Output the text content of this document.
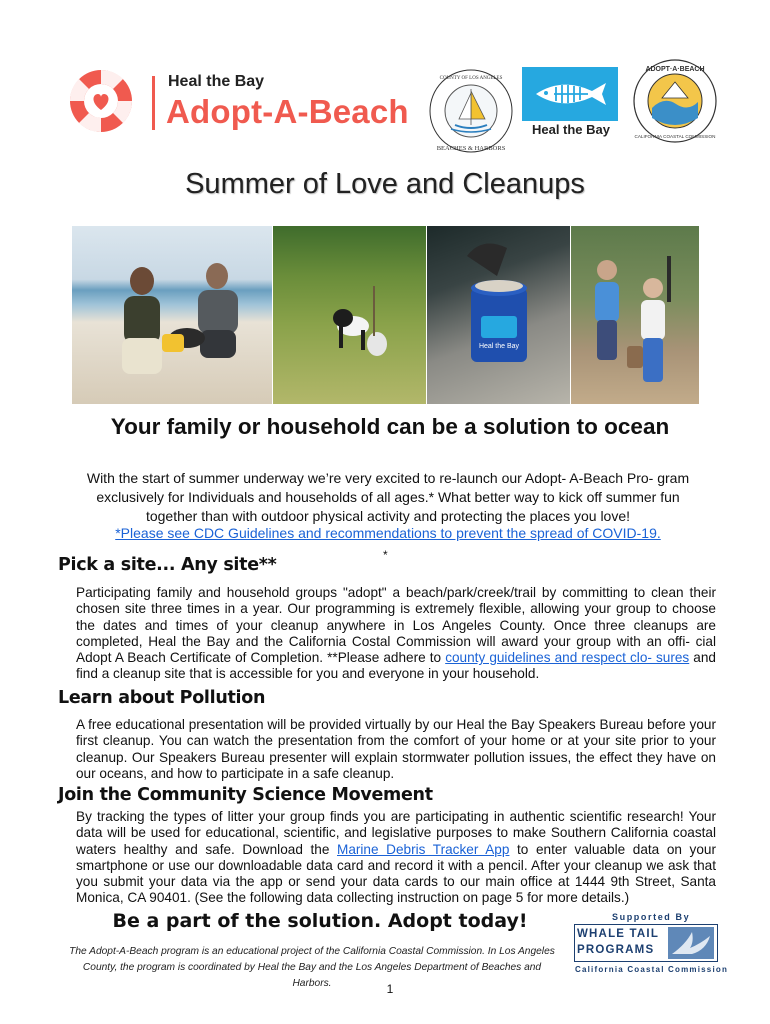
Heal the Bay
Adopt-A-Beach
BEACHES & HARBORS
COUNTY OF LOS ANGELES
Heal the Bay
ADOPT·A·BEACH
CALIFORNIA COASTAL COMMISSION
Summer of Love and Cleanups
Heal the Bay
Your family or household can be a solution to ocean
With the start of summer underway we’re very excited to re-launch our Adopt- A-Beach Pro- gram exclusively for Individuals and households of all ages.* What better way to kick off summer fun together than with outdoor physical activity and protecting the places you love!
*Please see CDC Guidelines and recommendations to prevent the spread of COVID-19.
*
Pick a site... Any site**
Participating family and household groups "adopt" a beach/park/creek/trail by committing to clean their chosen site three times in a year. Our programming is extremely flexible, allowing your group to choose the dates and times of your cleanup anywhere in Los Angeles County. Once three cleanups are completed, Heal the Bay and the California Costal Commission will award your group with an offi- cial Adopt A Beach Certificate of Completion. **Please adhere to county guidelines and respect clo- sures and find a cleanup site that is accessible for you and everyone in your household.
Learn about Pollution
A free educational presentation will be provided virtually by our Heal the Bay Speakers Bureau before your first cleanup. You can watch the presentation from the comfort of your home or at your site prior to your cleanup. Our Speakers Bureau presenter will explain stormwater pollution issues, the effect they have on our oceans, and how to participate in a safe cleanup.
Join the Community Science Movement
By tracking the types of litter your group finds you are participating in authentic scientific research! Your data will be used for educational, scientific, and legislative purposes to make Southern California coastal waters healthy and safe. Download the Marine Debris Tracker App to enter valuable data on your smartphone or use our downloadable data card and record it with a pencil. After your cleanup we ask that you submit your data via the app or send your data cards to our main office at 1444 9th Street, Santa Monica, CA 90401. (See the following data collecting instruction on page 5 for more details.)
Be a part of the solution. Adopt today!
The Adopt-A-Beach program is an educational project of the California Coastal Commission. In Los Angeles County, the program is coordinated by Heal the Bay and the Los Angeles Department of Beaches and Harbors.
Supported By
WHALE TAIL
PROGRAMS
California Coastal Commission
1
